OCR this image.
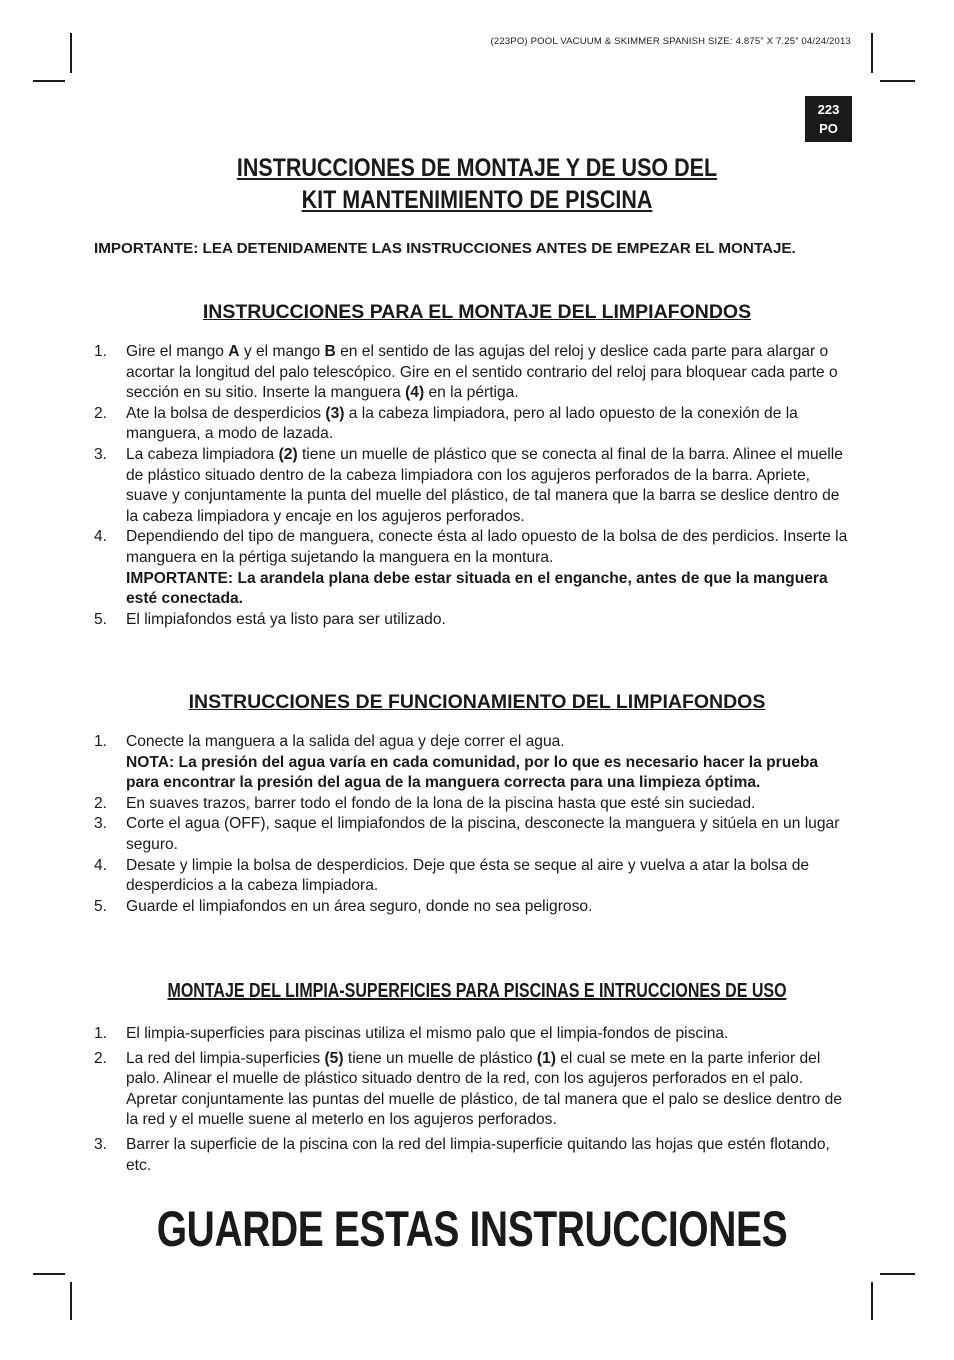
(223PO) POOL VACUUM & SKIMMER SPANISH SIZE: 4.875” X 7.25” 04/24/2013
223
PO
INSTRUCCIONES DE MONTAJE Y DE USO DEL
KIT MANTENIMIENTO DE PISCINA
IMPORTANTE: LEA DETENIDAMENTE LAS INSTRUCCIONES ANTES DE EMPEZAR EL MONTAJE.
INSTRUCCIONES PARA EL MONTAJE DEL LIMPIAFONDOS
1. Gire el mango A y el mango B en el sentido de las agujas del reloj y deslice cada parte para alargar o acortar la longitud del palo telescópico. Gire en el sentido contrario del reloj para bloquear cada parte o sección en su sitio. Inserte la manguera (4) en la pértiga.
2. Ate la bolsa de desperdicios (3) a la cabeza limpiadora, pero al lado opuesto de la conexión de la manguera, a modo de lazada.
3. La cabeza limpiadora (2) tiene un muelle de plástico que se conecta al final de la barra. Alinee el muelle de plástico situado dentro de la cabeza limpiadora con los agujeros perforados de la barra. Apriete, suave y conjuntamente la punta del muelle del plástico, de tal manera que la barra se deslice dentro de la cabeza limpiadora y encaje en los agujeros perforados.
4. Dependiendo del tipo de manguera, conecte ésta al lado opuesto de la bolsa de des perdicios. Inserte la manguera en la pértiga sujetando la manguera en la montura.
IMPORTANTE: La arandela plana debe estar situada en el enganche, antes de que la manguera esté conectada.
5. El limpiafondos está ya listo para ser utilizado.
INSTRUCCIONES DE FUNCIONAMIENTO DEL LIMPIAFONDOS
1. Conecte la manguera a la salida del agua y deje correr el agua.
NOTA: La presión del agua varía en cada comunidad, por lo que es necesario hacer la prueba para encontrar la presión del agua de la manguera correcta para una limpieza óptima.
2. En suaves trazos, barrer todo el fondo de la lona de la piscina hasta que esté sin suciedad.
3. Corte el agua (OFF), saque el limpiafondos de la piscina, desconecte la manguera y sitúela en un lugar seguro.
4. Desate y limpie la bolsa de desperdicios. Deje que ésta se seque al aire y vuelva a atar la bolsa de desperdicios a la cabeza limpiadora.
5. Guarde el limpiafondos en un área seguro, donde no sea peligroso.
MONTAJE DEL LIMPIA-SUPERFICIES PARA PISCINAS E INTRUCCIONES DE USO
1. El limpia-superficies para piscinas utiliza el mismo palo que el limpia-fondos de piscina.
2. La red del limpia-superficies (5) tiene un muelle de plástico (1) el cual se mete en la parte inferior del palo. Alinear el muelle de plástico situado dentro de la red, con los agujeros perforados en el palo. Apretar conjuntamente las puntas del muelle de plástico, de tal manera que el palo se deslice dentro de la red y el muelle suene al meterlo en los agujeros perforados.
3. Barrer la superficie de la piscina con la red del limpia-superficie quitando las hojas que estén flotando, etc.
GUARDE ESTAS INSTRUCCIONES
